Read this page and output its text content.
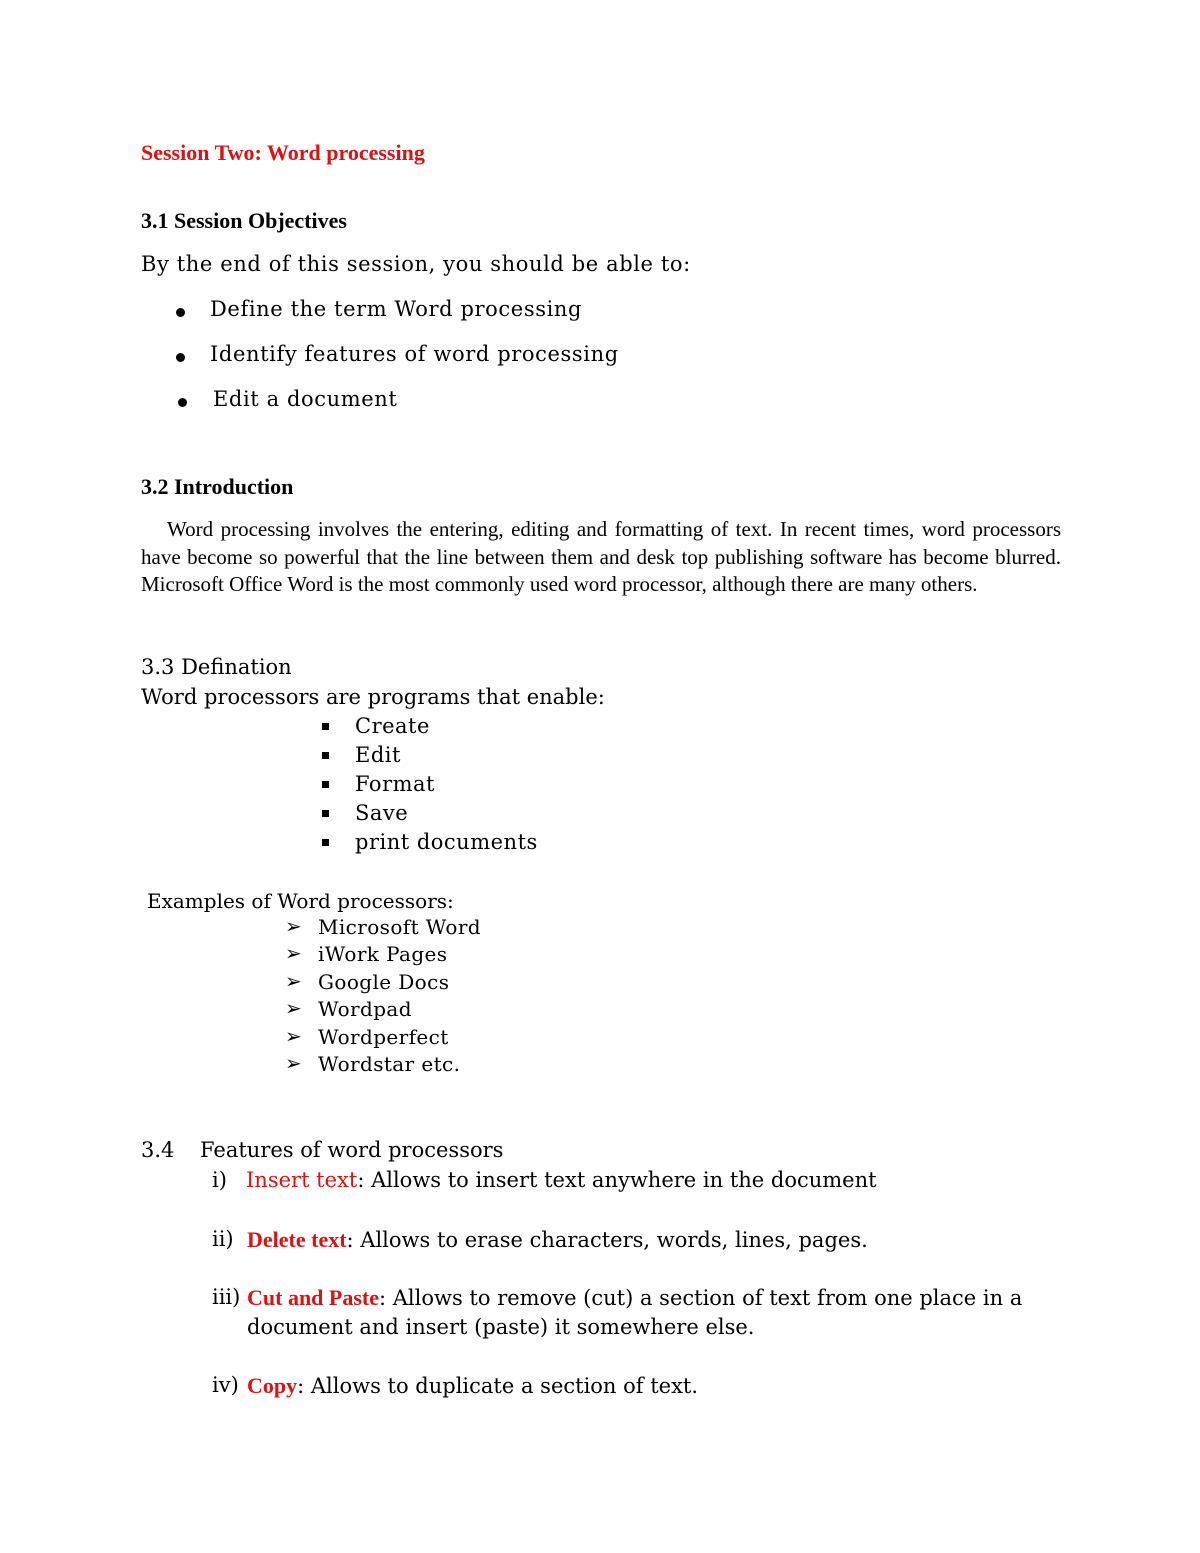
Session Two: Word processing
3.1 Session Objectives
By the end of this session, you should be able to:
Define the term Word processing
Identify features of word processing
Edit a document
3.2 Introduction
Word processing involves the entering, editing and formatting of text. In recent times, word processors have become so powerful that the line between them and desk top publishing software has become blurred. Microsoft Office Word is the most commonly used word processor, although there are many others.
3.3 Defination
Word processors are programs that enable:
Create
Edit
Format
Save
print documents
Examples of Word processors:
➢ Microsoft Word
➢ iWork Pages
➢ Google Docs
➢ Wordpad
➢ Wordperfect
➢ Wordstar etc.
3.4 Features of word processors
i) Insert text: Allows to insert text anywhere in the document
ii) Delete text: Allows to erase characters, words, lines, pages.
iii) Cut and Paste: Allows to remove (cut) a section of text from one place in a
document and insert (paste) it somewhere else.
iv) Copy: Allows to duplicate a section of text.
